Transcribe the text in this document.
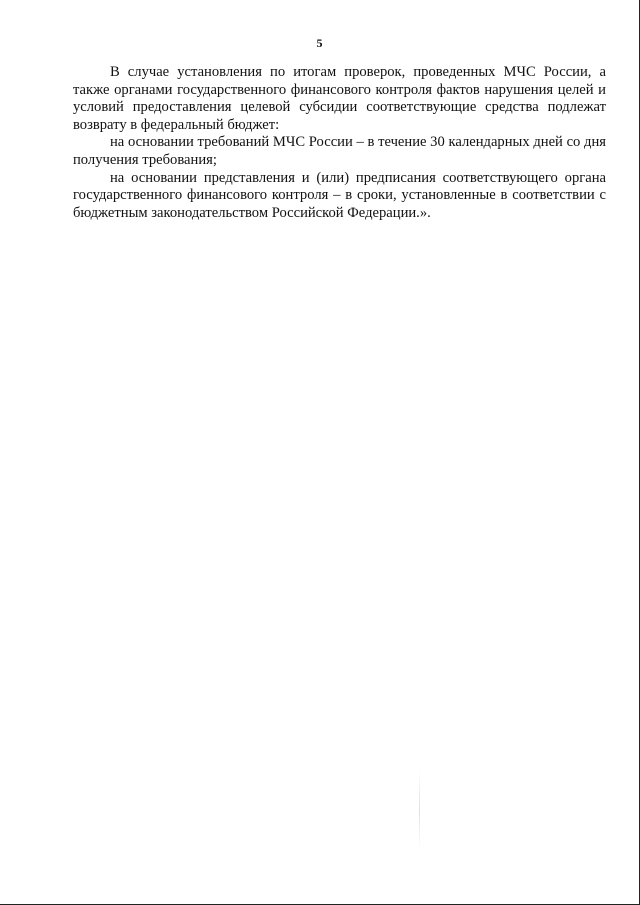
5

В случае установления по итогам проверок, проведенных МЧС России, а также органами государственного финансового контроля фактов нарушения целей и условий предоставления целевой субсидии соответствующие средства подлежат возврату в федеральный бюджет:

на основании требований МЧС России – в течение 30 календарных дней со дня получения требования;

на основании представления и (или) предписания соответствующего органа государственного финансового контроля – в сроки, установленные в соответствии с бюджетным законодательством Российской Федерации.».
